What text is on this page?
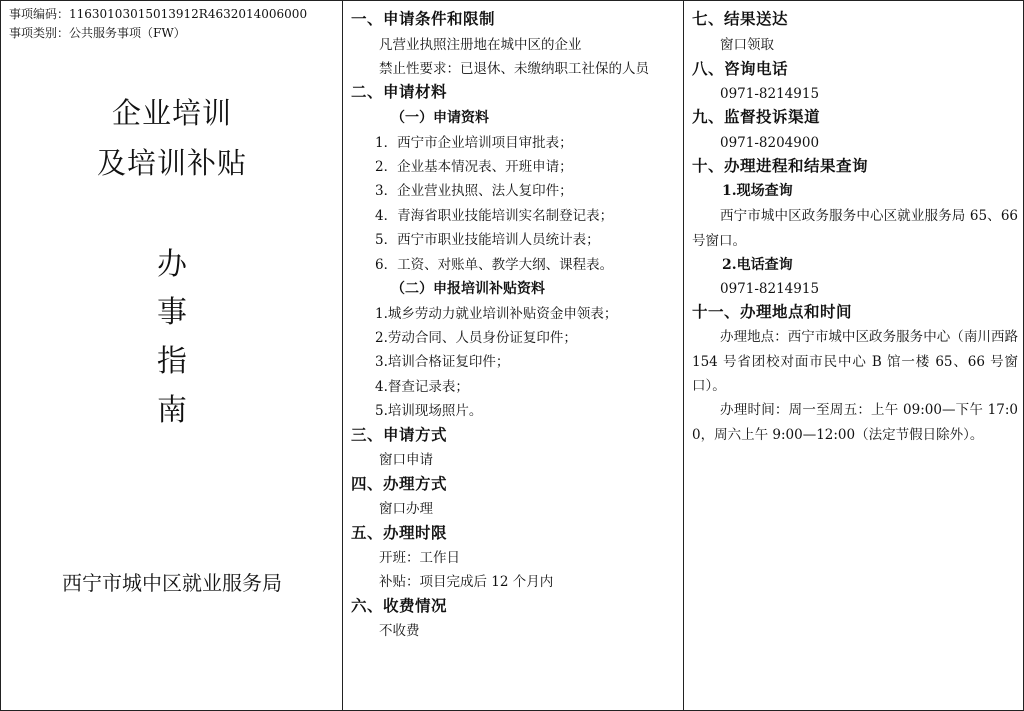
事项编码：11630103015013912R4632014006000
事项类别：公共服务事项（FW）
企业培训
及培训补贴
办
事
指
南
西宁市城中区就业服务局
一、申请条件和限制
凡营业执照注册地在城中区的企业
禁止性要求：已退休、未缴纳职工社保的人员
二、申请材料
（一）申请资料
1．西宁市企业培训项目审批表；
2．企业基本情况表、开班申请；
3．企业营业执照、法人复印件；
4．青海省职业技能培训实名制登记表；
5．西宁市职业技能培训人员统计表；
6．工资、对账单、教学大纲、课程表。
（二）申报培训补贴资料
1.城乡劳动力就业培训补贴资金申领表；
2.劳动合同、人员身份证复印件；
3.培训合格证复印件；
4.督查记录表；
5.培训现场照片。
三、申请方式
窗口申请
四、办理方式
窗口办理
五、办理时限
开班：工作日
补贴：项目完成后 12 个月内
六、收费情况
不收费
七、结果送达
窗口领取
八、咨询电话
0971-8214915
九、监督投诉渠道
0971-8204900
十、办理进程和结果查询
1.现场查询
西宁市城中区政务服务中心区就业服务局 65、66 号窗口。
2.电话查询
0971-8214915
十一、办理地点和时间
办理地点：西宁市城中区政务服务中心（南川西路 154 号省团校对面市民中心 B 馆一楼 65、66 号窗口）。
办理时间：周一至周五：上午 09:00—下午 17:00，周六上午 9:00—12:00（法定节假日除外）。
